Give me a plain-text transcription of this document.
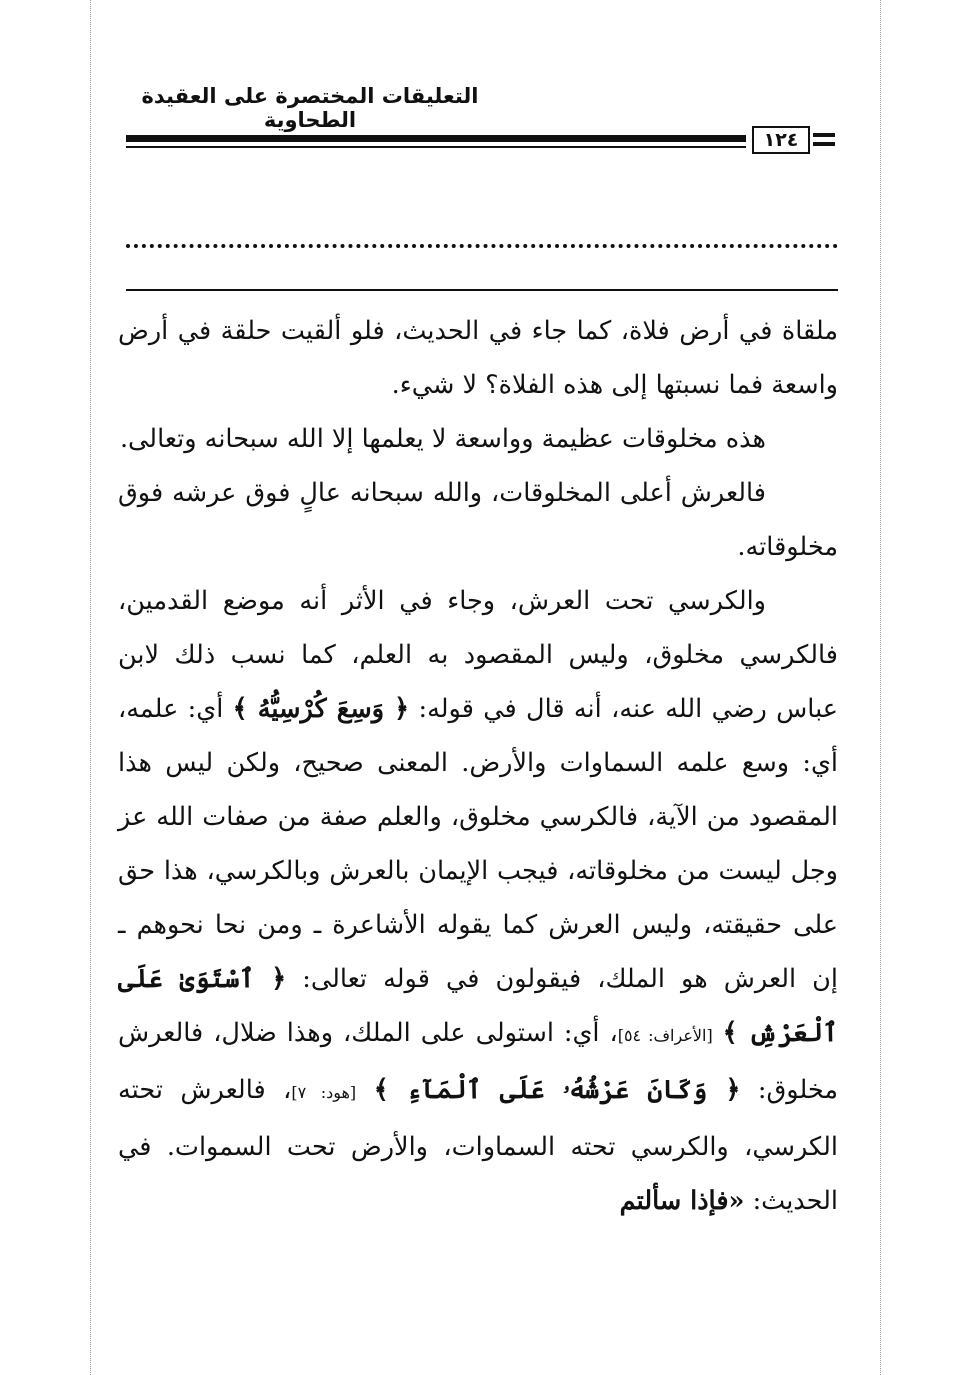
التعليقات المختصرة على العقيدة الطحاوية
١٢٤

ملقاة في أرض فلاة، كما جاء في الحديث، فلو ألقيت حلقة في أرض واسعة فما نسبتها إلى هذه الفلاة؟ لا شيء.

هذه مخلوقات عظيمة وواسعة لا يعلمها إلا الله سبحانه وتعالى.

فالعرش أعلى المخلوقات، والله سبحانه عالٍ فوق عرشه فوق مخلوقاته.

والكرسي تحت العرش، وجاء في الأثر أنه موضع القدمين، فالكرسي مخلوق، وليس المقصود به العلم، كما نسب ذلك لابن عباس رضي الله عنه، أنه قال في قوله: ﴿ وَسِعَ كُرْسِيُّهُ ﴾ أي: علمه، أي: وسع علمه السماوات والأرض. المعنى صحيح، ولكن ليس هذا المقصود من الآية، فالكرسي مخلوق، والعلم صفة من صفات الله عز وجل ليست من مخلوقاته، فيجب الإيمان بالعرش وبالكرسي، هذا حق على حقيقته، وليس العرش كما يقوله الأشاعرة ـ ومن نحا نحوهم ـ إن العرش هو الملك، فيقولون في قوله تعالى: ﴿ ٱسْتَوَىٰ عَلَى ٱلْعَرْشِ ﴾ [الأعراف: ٥٤]، أي: استولى على الملك، وهذا ضلال، فالعرش مخلوق: ﴿ وَكَانَ عَرْشُهُۥ عَلَى ٱلْمَآءِ ﴾ [هود: ٧]، فالعرش تحته الكرسي، والكرسي تحته السماوات، والأرض تحت السموات. في الحديث: «فإذا سألتم
